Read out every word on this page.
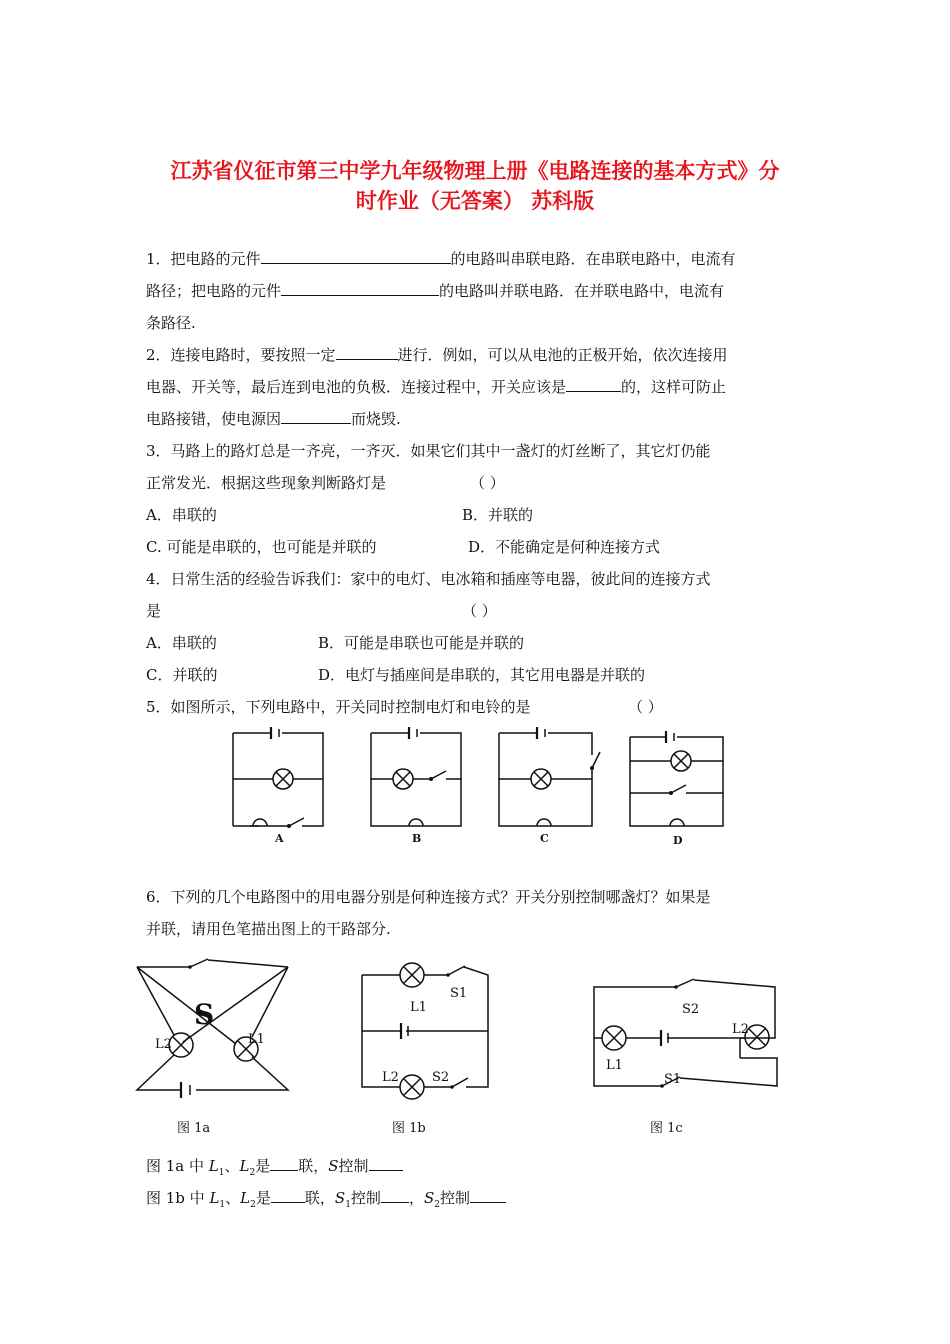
江苏省仪征市第三中学九年级物理上册《电路连接的基本方式》分
时作业（无答案） 苏科版
1．把电路的元件	的电路叫串联电路．在串联电路中，电流有
路径；把电路的元件	的电路叫并联电路．在并联电路中，电流有
条路径.
2．连接电路时，要按照一定	进行．例如，可以从电池的正极开始，依次连接用
电器、开关等，最后连到电池的负极．连接过程中，开关应该是	的，这样可防止
电路接错，使电源因	而烧毁.
3．马路上的路灯总是一齐亮，一齐灭．如果它们其中一盏灯的灯丝断了，其它灯仍能
正常发光．根据这些现象判断路灯是	（ ）
A．串联的	B．并联的
C. 可能是串联的，也可能是并联的	D．不能确定是何种连接方式
4．日常生活的经验告诉我们：家中的电灯、电冰箱和插座等电器，彼此间的连接方式
是	（ ）
A．串联的	B．可能是串联也可能是并联的
C．并联的	D．电灯与插座间是串联的，其它用电器是并联的
5．如图所示，下列电路中，开关同时控制电灯和电铃的是	（ ）
A	B	C	D
6．下列的几个电路图中的用电器分别是何种连接方式？开关分别控制哪盏灯？如果是
并联，请用色笔描出图上的干路部分.
S
L2	L1
图 1a
L1
S1
L2	S2
图 1b
S2
L2
L1
S1
图 1c
图 1a 中 $L_1$、$L_2$是 联，S控制
图 1b 中 $L_1$、$L_2$是 联，$S_1$控制 ，$S_2$控制
